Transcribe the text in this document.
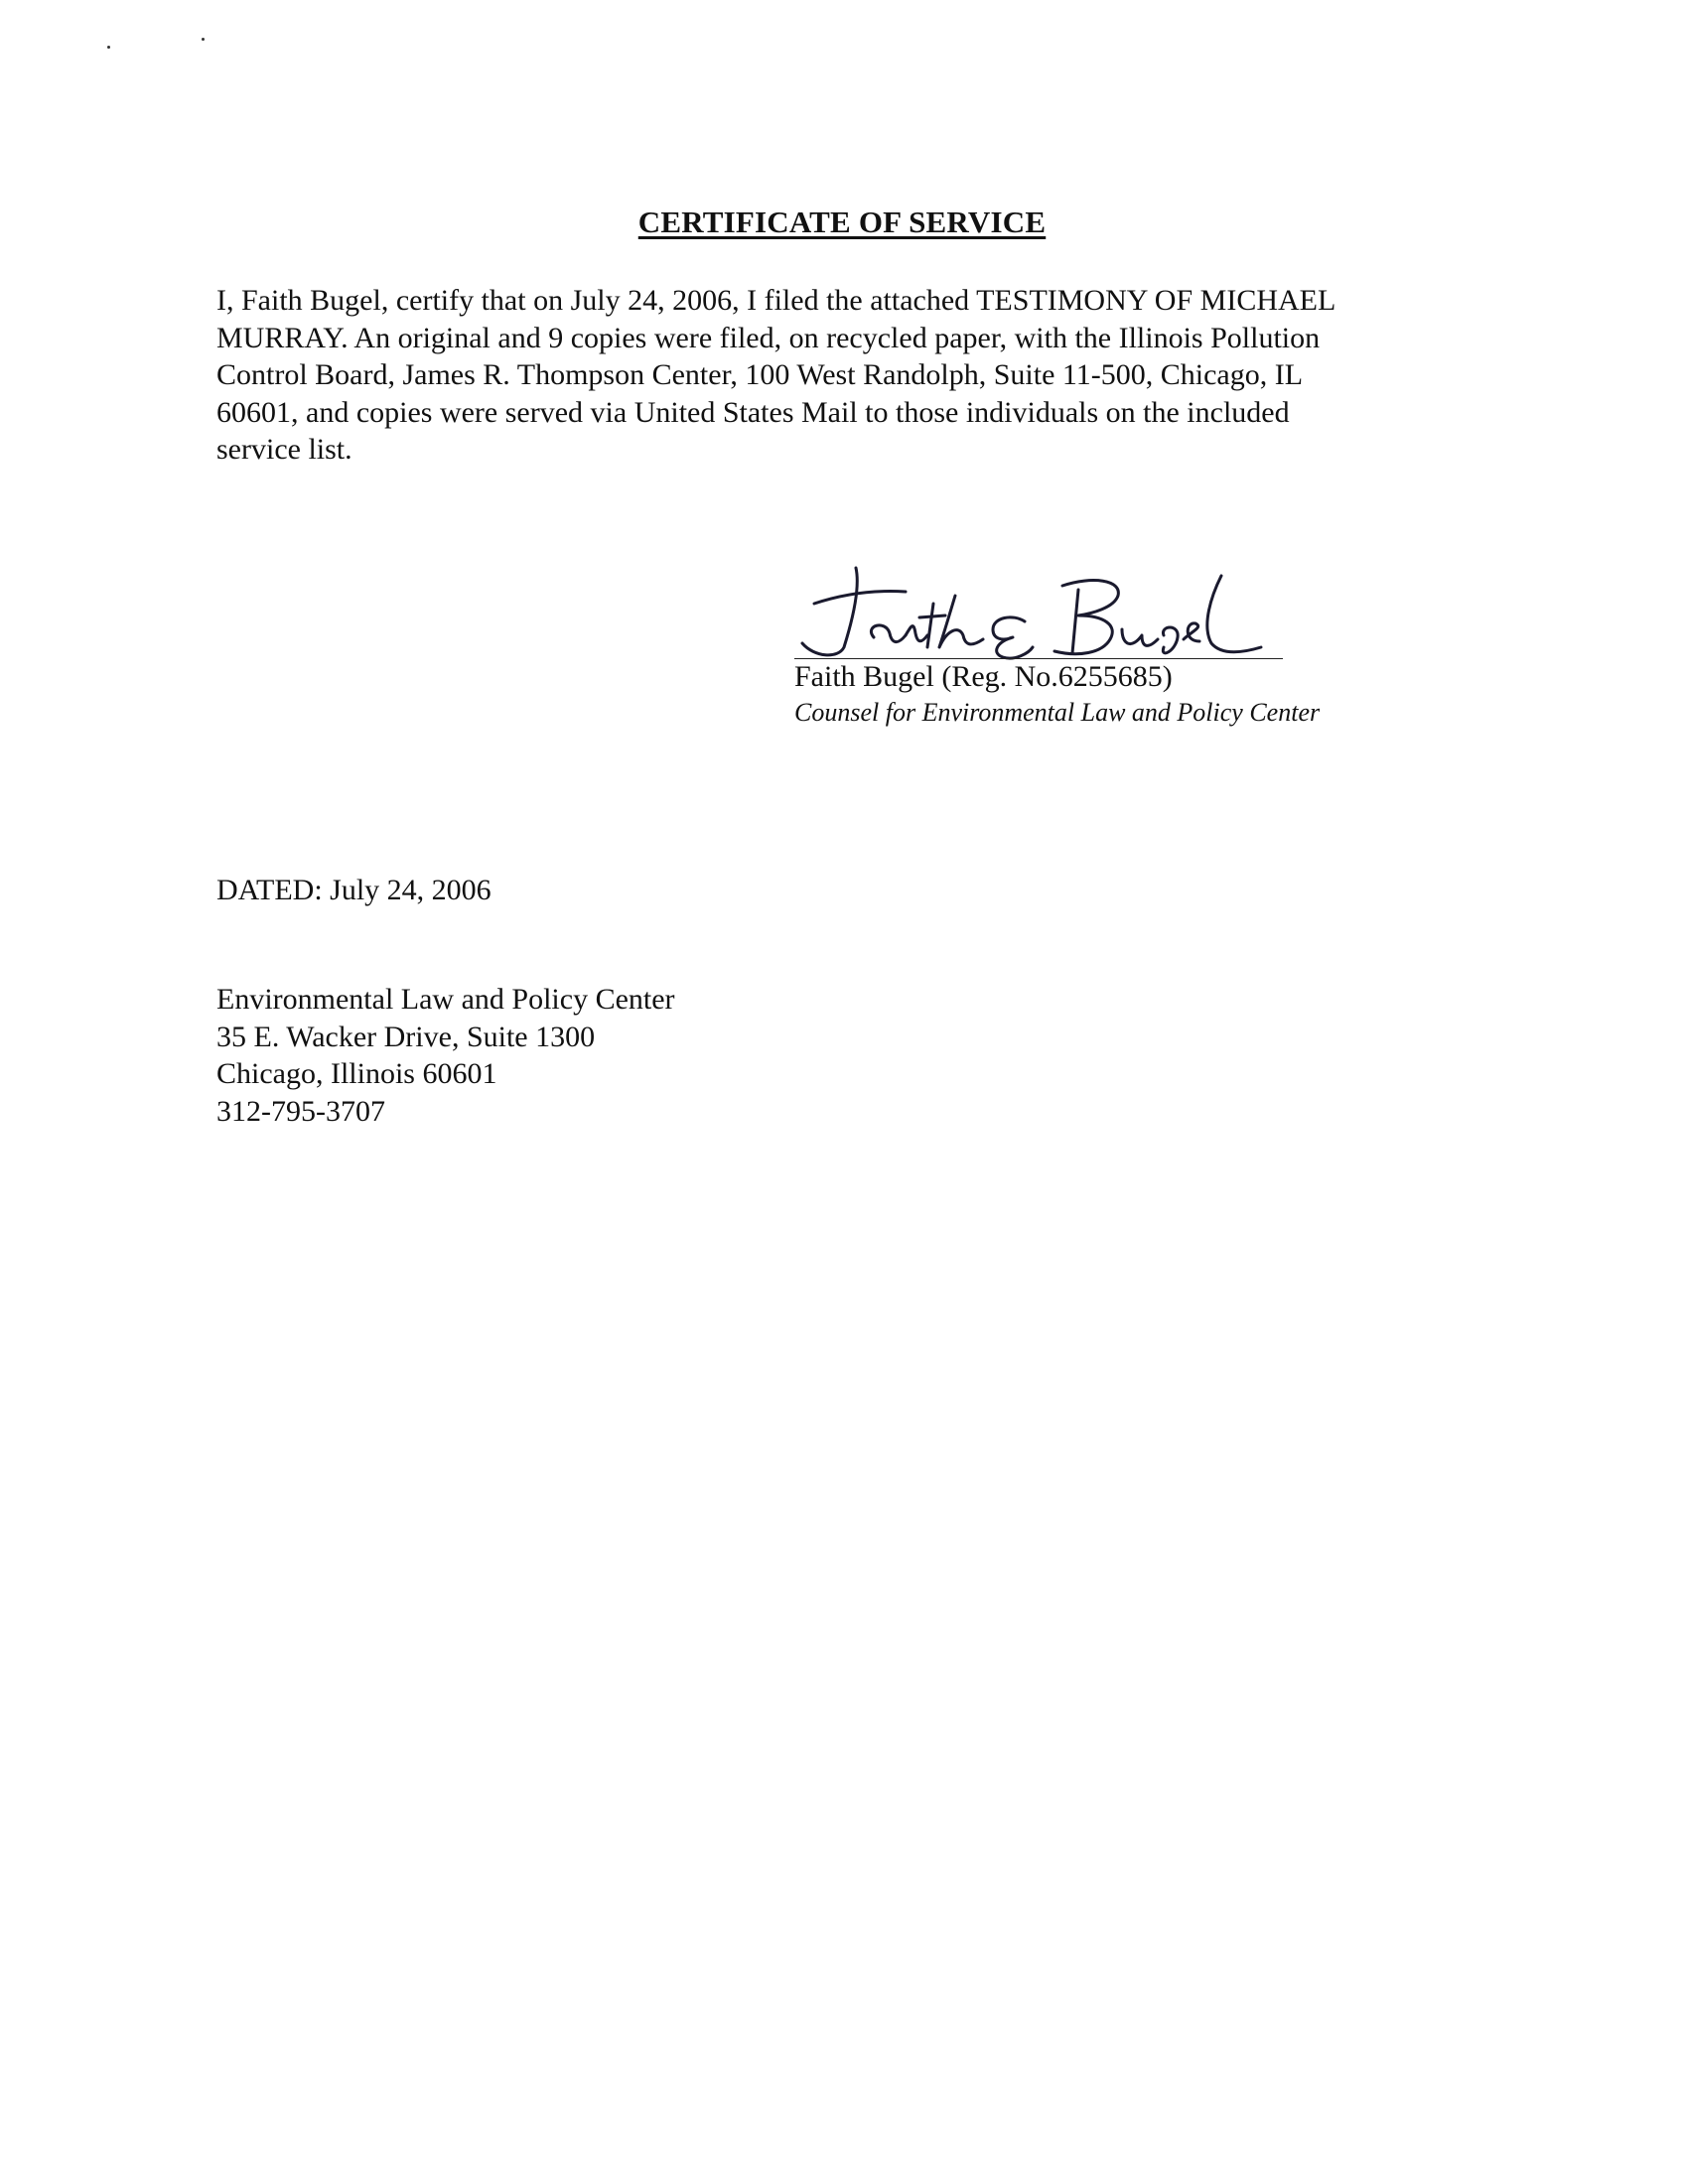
CERTIFICATE OF SERVICE
I, Faith Bugel, certify that on July 24, 2006, I filed the attached TESTIMONY OF MICHAEL
MURRAY. An original and 9 copies were filed, on recycled paper, with the Illinois Pollution
Control Board, James R. Thompson Center, 100 West Randolph, Suite 11-500, Chicago, IL
60601, and copies were served via United States Mail to those individuals on the included
service list.
Faith Bugel (Reg. No.6255685)
Counsel for Environmental Law and Policy Center
DATED: July 24, 2006
Environmental Law and Policy Center
35 E. Wacker Drive, Suite 1300
Chicago, Illinois 60601
312-795-3707
